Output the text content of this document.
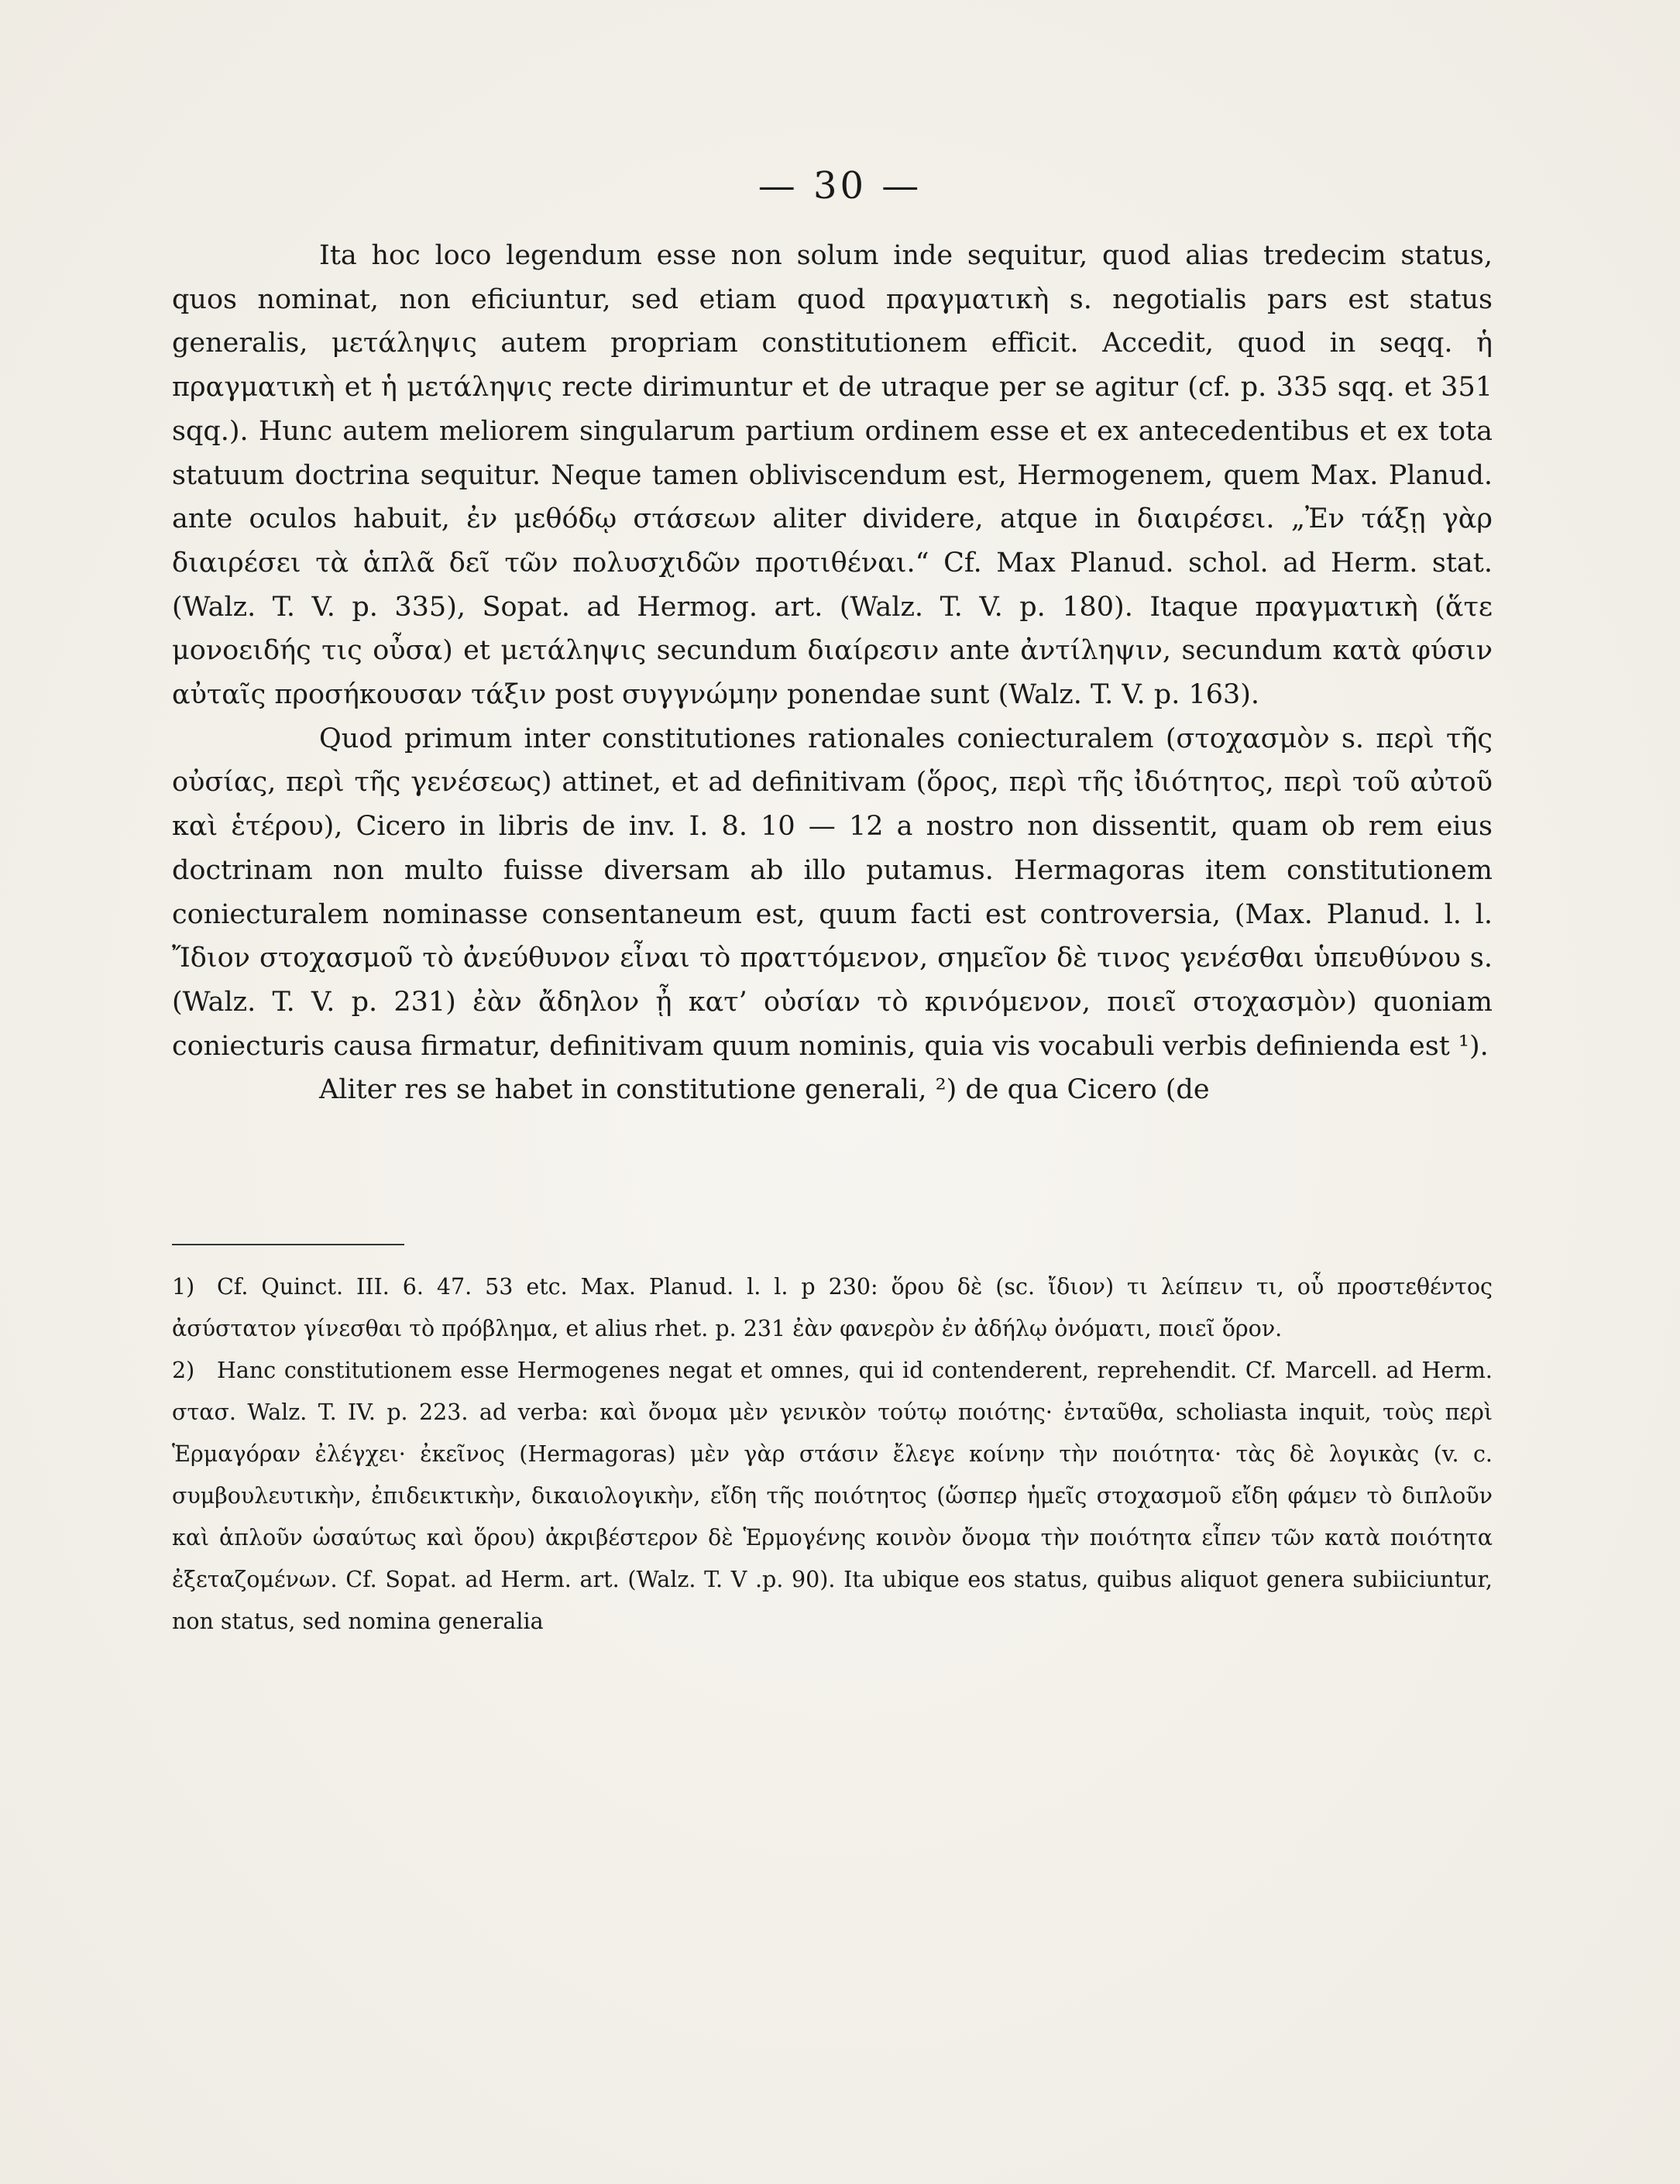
— 30 —

Ita hoc loco legendum esse non solum inde sequitur, quod alias tredecim status, quos nominat, non eficiuntur, sed etiam quod πραγματικὴ s. negotialis pars est status generalis, μετάληψις autem propriam constitutionem efficit. Accedit, quod in seqq. ἡ πραγματικὴ et ἡ μετάληψις recte dirimuntur et de utraque per se agitur (cf. p. 335 sqq. et 351 sqq.). Hunc autem meliorem singularum partium ordinem esse et ex antecedentibus et ex tota statuum doctrina sequitur. Neque tamen obliviscendum est, Hermogenem, quem Max. Planud. ante oculos habuit, ἐν μεθόδῳ στάσεων aliter dividere, atque in διαιρέσει. „Ἐν τάξῃ γὰρ διαιρέσει τὰ ἁπλᾶ δεῖ τῶν πολυσχιδῶν προτιθέναι.“ Cf. Max Planud. schol. ad Herm. stat. (Walz. T. V. p. 335), Sopat. ad Hermog. art. (Walz. T. V. p. 180). Itaque πραγματικὴ (ἅτε μονοειδής τις οὖσα) et μετάληψις secundum διαίρεσιν ante ἀντίληψιν, secundum κατὰ φύσιν αὐταῖς προσήκουσαν τάξιν post συγγνώμην ponendae sunt (Walz. T. V. p. 163).

Quod primum inter constitutiones rationales coniecturalem (στοχασμὸν s. περὶ τῆς οὐσίας, περὶ τῆς γενέσεως) attinet, et ad definitivam (ὅρος, περὶ τῆς ἰδιότητος, περὶ τοῦ αὐτοῦ καὶ ἑτέρου), Cicero in libris de inv. I. 8. 10 — 12 a nostro non dissentit, quam ob rem eius doctrinam non multo fuisse diversam ab illo putamus. Hermagoras item constitutionem coniecturalem nominasse consentaneum est, quum facti est controversia, (Max. Planud. l. l. Ἴδιον στοχασμοῦ τὸ ἀνεύθυνον εἶναι τὸ πραττόμενον, σημεῖον δὲ τινος γενέσθαι ὑπευθύνου s. (Walz. T. V. p. 231) ἐὰν ἄδηλον ᾖ κατ’ οὐσίαν τὸ κρινόμενον, ποιεῖ στοχασμὸν) quoniam coniecturis causa firmatur, definitivam quum nominis, quia vis vocabuli verbis definienda est ¹).

Aliter res se habet in constitutione generali, ²) de qua Cicero (de

1) Cf. Quinct. III. 6. 47. 53 etc. Max. Planud. l. l. p 230: ὅρου δὲ (sc. ἴδιον) τι λείπειν τι, οὗ προστεθέντος ἀσύστατον γίνεσθαι τὸ πρόβλημα, et alius rhet. p. 231 ἐὰν φανερὸν ἐν ἀδήλῳ ὀνόματι, ποιεῖ ὅρον.

2) Hanc constitutionem esse Hermogenes negat et omnes, qui id contenderent, reprehendit. Cf. Marcell. ad Herm. στασ. Walz. T. IV. p. 223. ad verba: καὶ ὄνομα μὲν γενικὸν τούτῳ ποιότης· ἐνταῦθα, scholiasta inquit, τοὺς περὶ Ἑρμαγόραν ἐλέγχει· ἐκεῖνος (Hermagoras) μὲν γὰρ στάσιν ἔλεγε κοίνην τὴν ποιότητα· τὰς δὲ λογικὰς (v. c. συμβουλευτικὴν, ἐπιδεικτικὴν, δικαιολογικὴν, εἴδη τῆς ποιότητος (ὥσπερ ἡμεῖς στοχασμοῦ εἴδη φάμεν τὸ διπλοῦν καὶ ἁπλοῦν ὡσαύτως καὶ ὅρου) ἀκριβέστερον δὲ Ἑρμογένης κοινὸν ὄνομα τὴν ποιότητα εἶπεν τῶν κατὰ ποιότητα ἐξεταζομένων. Cf. Sopat. ad Herm. art. (Walz. T. V .p. 90). Ita ubique eos status, quibus aliquot genera subiiciuntur, non status, sed nomina generalia
